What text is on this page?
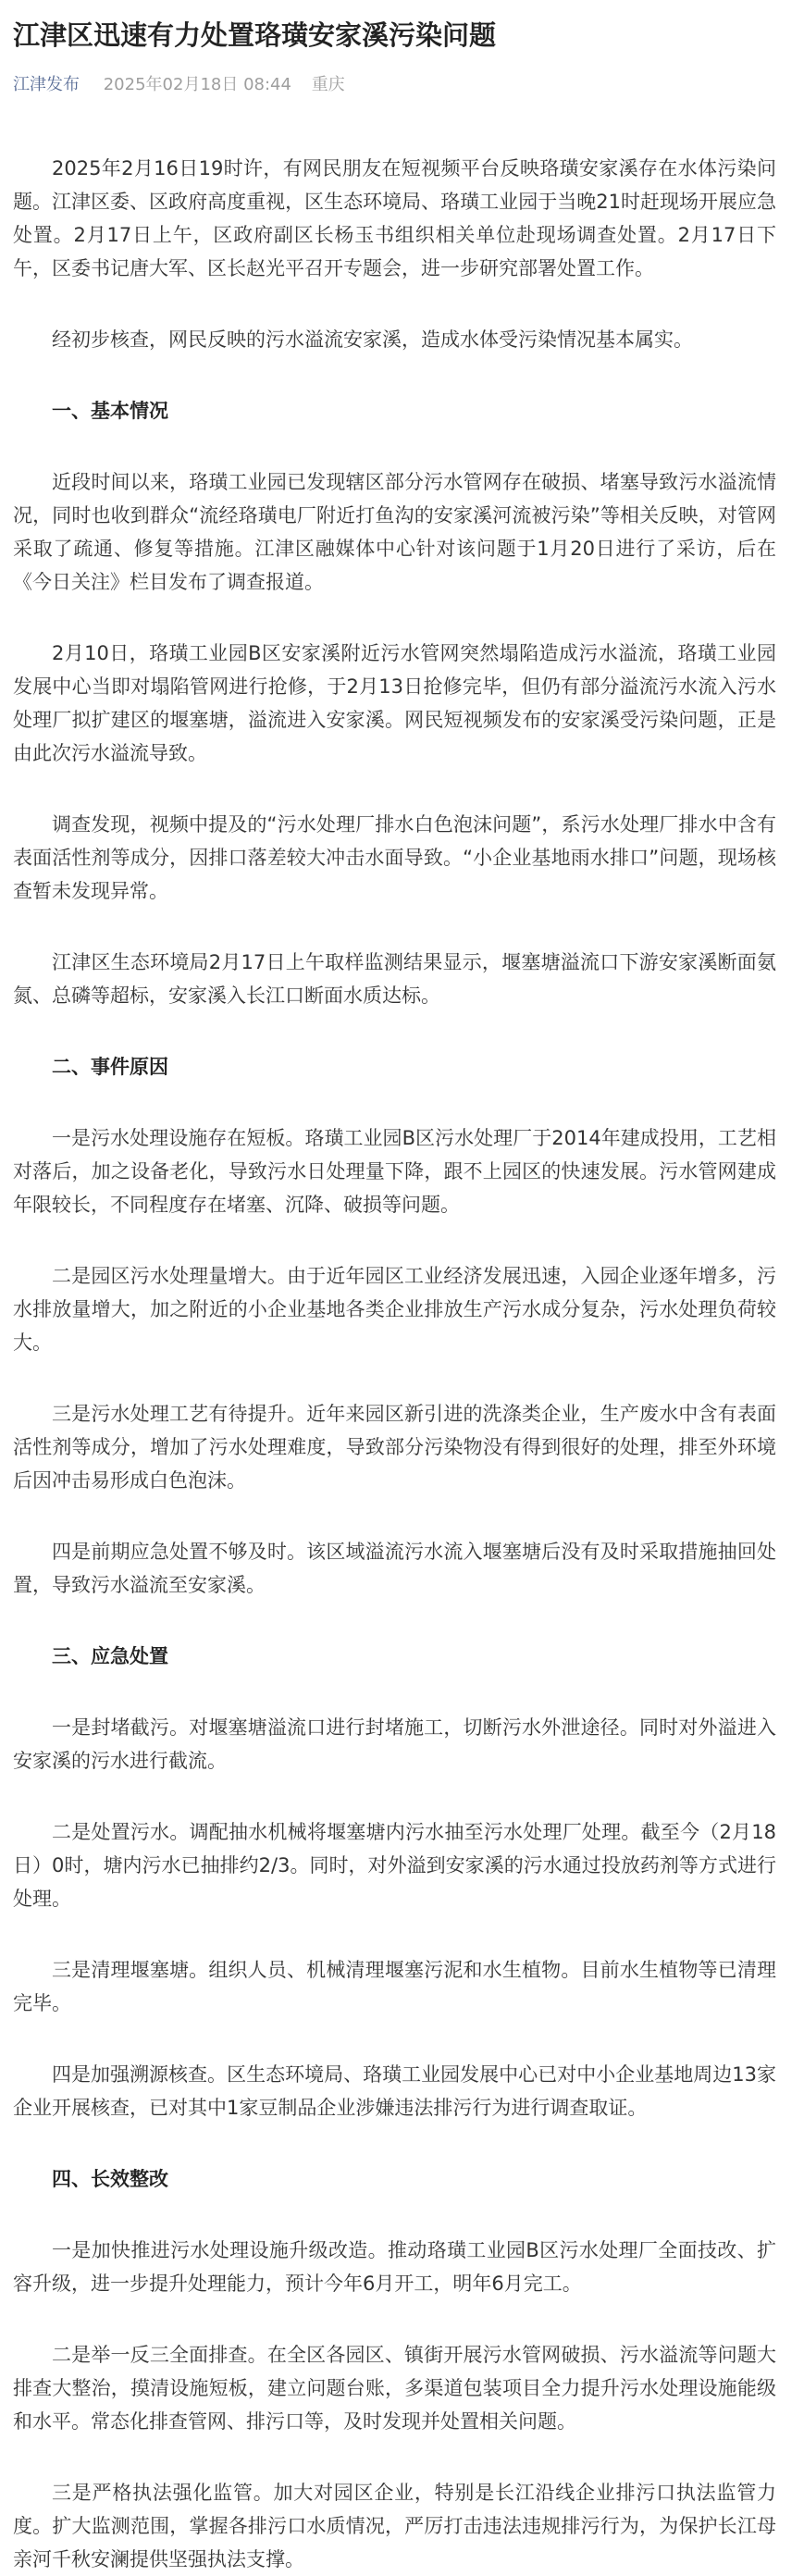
江津区迅速有力处置珞璜安家溪污染问题
江津发布 2025年02月18日 08:44 重庆

2025年2月16日19时许，有网民朋友在短视频平台反映珞璜安家溪存在水体污染问题。江津区委、区政府高度重视，区生态环境局、珞璜工业园于当晚21时赶现场开展应急处置。2月17日上午，区政府副区长杨玉书组织相关单位赴现场调查处置。2月17日下午，区委书记唐大军、区长赵光平召开专题会，进一步研究部署处置工作。

经初步核查，网民反映的污水溢流安家溪，造成水体受污染情况基本属实。

一、基本情况

近段时间以来，珞璜工业园已发现辖区部分污水管网存在破损、堵塞导致污水溢流情况，同时也收到群众“流经珞璜电厂附近打鱼沟的安家溪河流被污染”等相关反映，对管网采取了疏通、修复等措施。江津区融媒体中心针对该问题于1月20日进行了采访，后在《今日关注》栏目发布了调查报道。

2月10日，珞璜工业园B区安家溪附近污水管网突然塌陷造成污水溢流，珞璜工业园发展中心当即对塌陷管网进行抢修，于2月13日抢修完毕，但仍有部分溢流污水流入污水处理厂拟扩建区的堰塞塘，溢流进入安家溪。网民短视频发布的安家溪受污染问题，正是由此次污水溢流导致。

调查发现，视频中提及的“污水处理厂排水白色泡沫问题”，系污水处理厂排水中含有表面活性剂等成分，因排口落差较大冲击水面导致。“小企业基地雨水排口”问题，现场核查暂未发现异常。

江津区生态环境局2月17日上午取样监测结果显示，堰塞塘溢流口下游安家溪断面氨氮、总磷等超标，安家溪入长江口断面水质达标。

二、事件原因

一是污水处理设施存在短板。珞璜工业园B区污水处理厂于2014年建成投用，工艺相对落后，加之设备老化，导致污水日处理量下降，跟不上园区的快速发展。污水管网建成年限较长，不同程度存在堵塞、沉降、破损等问题。

二是园区污水处理量增大。由于近年园区工业经济发展迅速，入园企业逐年增多，污水排放量增大，加之附近的小企业基地各类企业排放生产污水成分复杂，污水处理负荷较大。

三是污水处理工艺有待提升。近年来园区新引进的洗涤类企业，生产废水中含有表面活性剂等成分，增加了污水处理难度，导致部分污染物没有得到很好的处理，排至外环境后因冲击易形成白色泡沫。

四是前期应急处置不够及时。该区域溢流污水流入堰塞塘后没有及时采取措施抽回处置，导致污水溢流至安家溪。

三、应急处置

一是封堵截污。对堰塞塘溢流口进行封堵施工，切断污水外泄途径。同时对外溢进入安家溪的污水进行截流。

二是处置污水。调配抽水机械将堰塞塘内污水抽至污水处理厂处理。截至今（2月18日）0时，塘内污水已抽排约2/3。同时，对外溢到安家溪的污水通过投放药剂等方式进行处理。

三是清理堰塞塘。组织人员、机械清理堰塞污泥和水生植物。目前水生植物等已清理完毕。

四是加强溯源核查。区生态环境局、珞璜工业园发展中心已对中小企业基地周边13家企业开展核查，已对其中1家豆制品企业涉嫌违法排污行为进行调查取证。

四、长效整改

一是加快推进污水处理设施升级改造。推动珞璜工业园B区污水处理厂全面技改、扩容升级，进一步提升处理能力，预计今年6月开工，明年6月完工。

二是举一反三全面排查。在全区各园区、镇街开展污水管网破损、污水溢流等问题大排查大整治，摸清设施短板，建立问题台账，多渠道包装项目全力提升污水处理设施能级和水平。常态化排查管网、排污口等，及时发现并处置相关问题。

三是严格执法强化监管。加大对园区企业，特别是长江沿线企业排污口执法监管力度。扩大监测范围，掌握各排污口水质情况，严厉打击违法违规排污行为，为保护长江母亲河千秋安澜提供坚强执法支撑。
